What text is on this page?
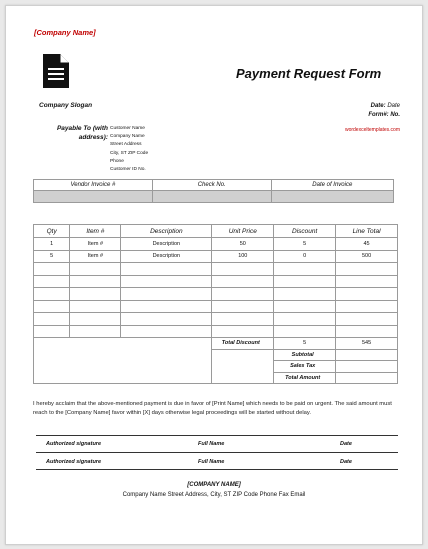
[Company Name]
Payment Request Form
Company Slogan	Date: Date
Form#: No.
wordexceltemplates.com
Payable To (with address):
Customer Name
Company Name
Street Address
City, ST ZIP Code
Phone
Customer ID No.
Vendor Invoice #	Check No.	Date of Invoice

Qty	Item #	Description	Unit Price	Discount	Line Total
1	Item #	Description	50	5	45
5	Item #	Description	100	0	500

			Total Discount	5	545
				Subtotal	
				Sales Tax	
				Total Amount	
I hereby acclaim that the above-mentioned payment is due in favor of [Print Name] which needs to be paid on urgent. The said amount must reach to the [Company Name] favor within [X] days otherwise legal proceedings will be started without delay.
Authorized signature	Full Name	Date
Authorized signature	Full Name	Date
[COMPANY NAME]
Company Name Street Address, City, ST ZIP Code Phone Fax Email
